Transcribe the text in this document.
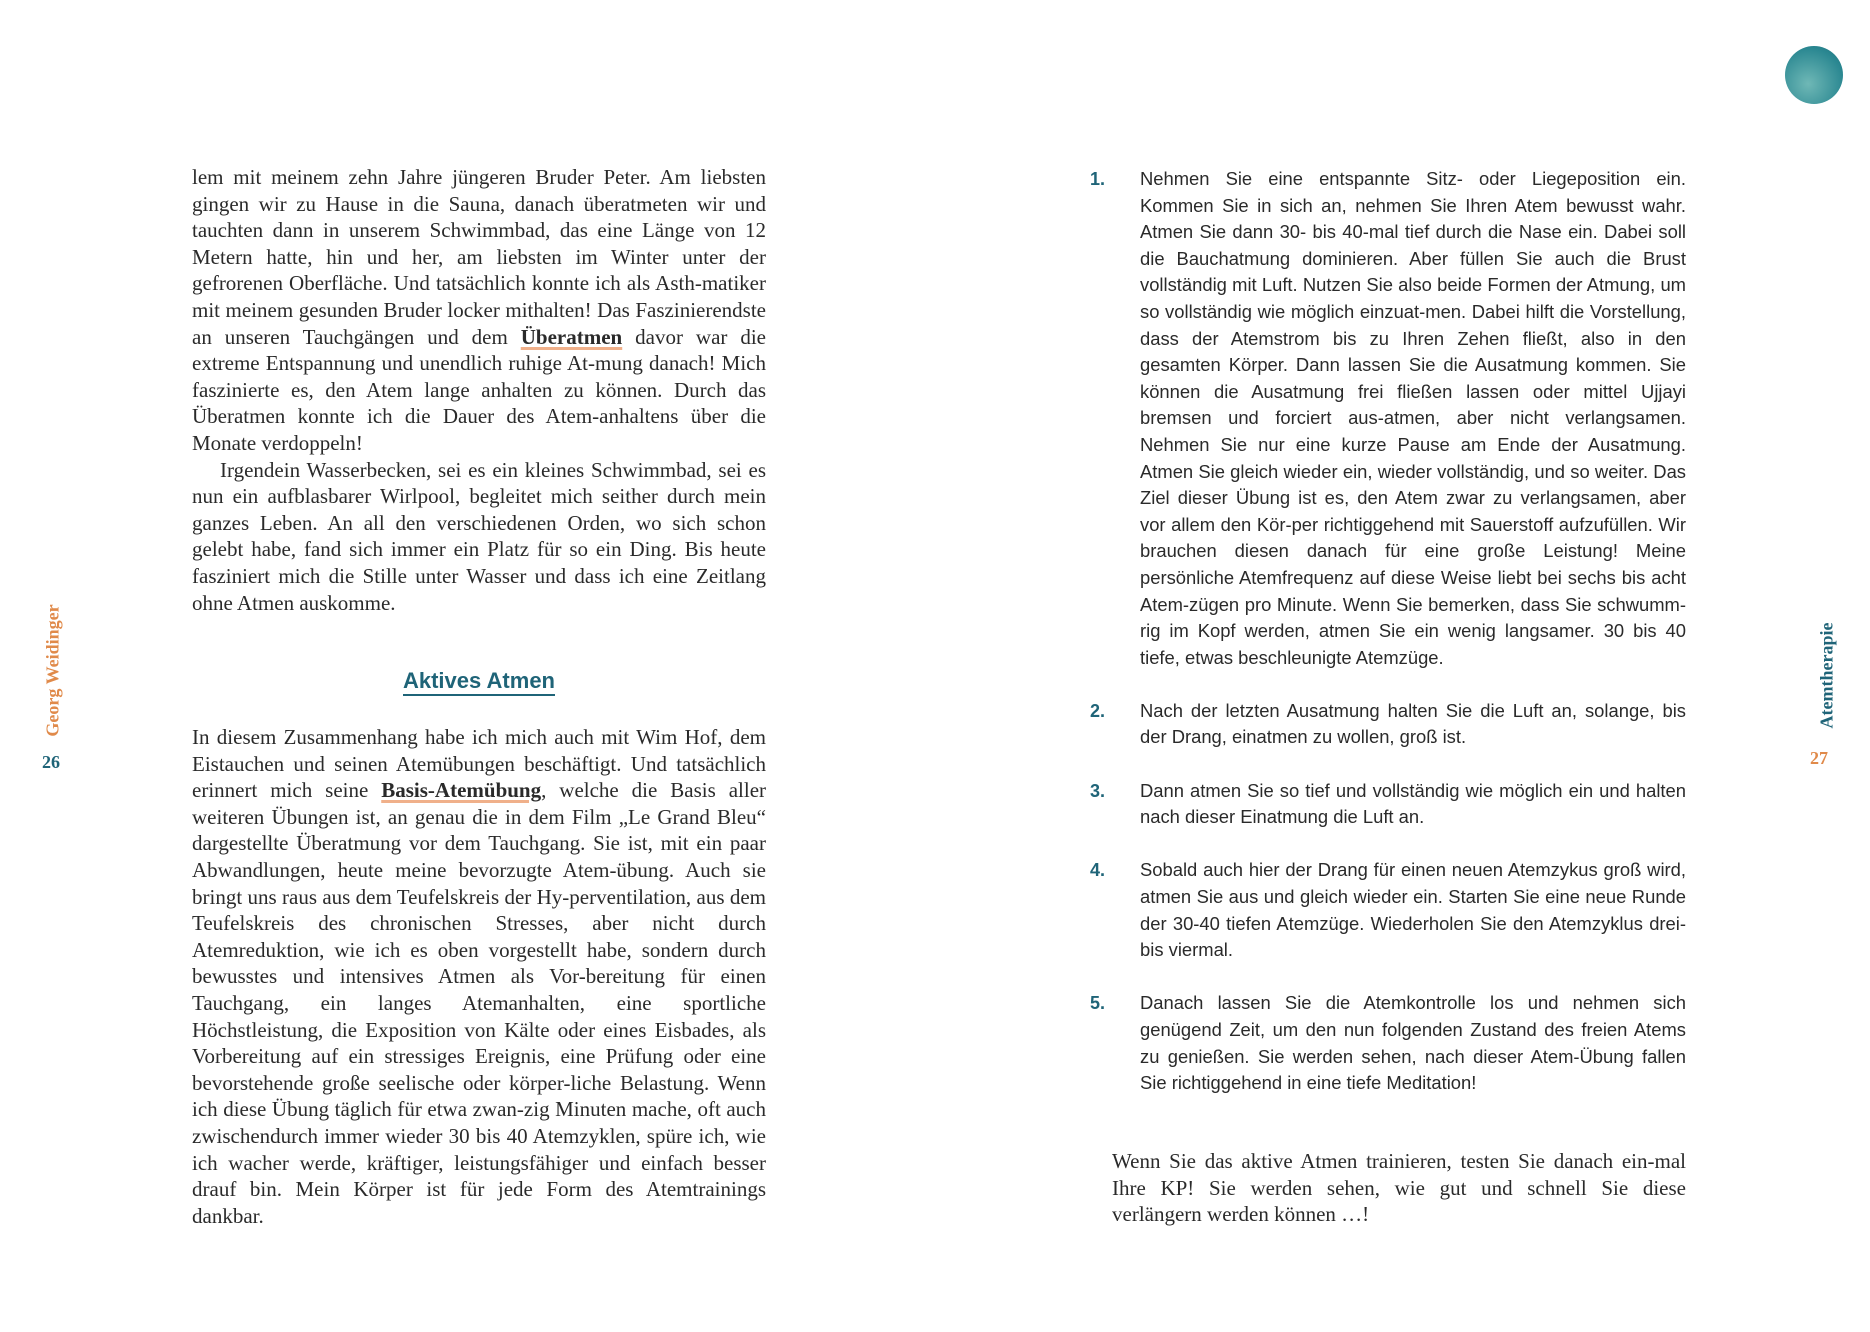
lem mit meinem zehn Jahre jüngeren Bruder Peter. Am liebsten gingen wir zu Hause in die Sauna, danach überatmeten wir und tauchten dann in unserem Schwimmbad, das eine Länge von 12 Metern hatte, hin und her, am liebsten im Winter unter der gefrorenen Oberfläche. Und tatsächlich konnte ich als Asth-matiker mit meinem gesunden Bruder locker mithalten! Das Faszinierendste an unseren Tauchgängen und dem Überatmen davor war die extreme Entspannung und unendlich ruhige At-mung danach! Mich faszinierte es, den Atem lange anhalten zu können. Durch das Überatmen konnte ich die Dauer des Atem-anhaltens über die Monate verdoppeln!

Irgendein Wasserbecken, sei es ein kleines Schwimmbad, sei es nun ein aufblasbarer Wirlpool, begleitet mich seither durch mein ganzes Leben. An all den verschiedenen Orden, wo sich schon gelebt habe, fand sich immer ein Platz für so ein Ding. Bis heute fasziniert mich die Stille unter Wasser und dass ich eine Zeitlang ohne Atmen auskomme.

Aktives Atmen

In diesem Zusammenhang habe ich mich auch mit Wim Hof, dem Eistauchen und seinen Atemübungen beschäftigt. Und tatsächlich erinnert mich seine Basis-Atemübung, welche die Basis aller weiteren Übungen ist, an genau die in dem Film „Le Grand Bleu“ dargestellte Überatmung vor dem Tauchgang. Sie ist, mit ein paar Abwandlungen, heute meine bevorzugte Atem-übung. Auch sie bringt uns raus aus dem Teufelskreis der Hy-perventilation, aus dem Teufelskreis des chronischen Stresses, aber nicht durch Atemreduktion, wie ich es oben vorgestellt habe, sondern durch bewusstes und intensives Atmen als Vor-bereitung für einen Tauchgang, ein langes Atemanhalten, eine sportliche Höchstleistung, die Exposition von Kälte oder eines Eisbades, als Vorbereitung auf ein stressiges Ereignis, eine Prüfung oder eine bevorstehende große seelische oder körper-liche Belastung. Wenn ich diese Übung täglich für etwa zwan-zig Minuten mache, oft auch zwischendurch immer wieder 30 bis 40 Atemzyklen, spüre ich, wie ich wacher werde, kräftiger, leistungsfähiger und einfach besser drauf bin. Mein Körper ist für jede Form des Atemtrainings dankbar.

Georg Weidinger
26
1.	Nehmen Sie eine entspannte Sitz- oder Liegeposition ein. Kommen Sie in sich an, nehmen Sie Ihren Atem bewusst wahr. Atmen Sie dann 30- bis 40-mal tief durch die Nase ein. Dabei soll die Bauchatmung dominieren. Aber füllen Sie auch die Brust vollständig mit Luft. Nutzen Sie also beide Formen der Atmung, um so vollständig wie möglich einzuat-men. Dabei hilft die Vorstellung, dass der Atemstrom bis zu Ihren Zehen fließt, also in den gesamten Körper. Dann lassen Sie die Ausatmung kommen. Sie können die Ausatmung frei fließen lassen oder mittel Ujjayi bremsen und forciert aus-atmen, aber nicht verlangsamen. Nehmen Sie nur eine kurze Pause am Ende der Ausatmung. Atmen Sie gleich wieder ein, wieder vollständig, und so weiter. Das Ziel dieser Übung ist es, den Atem zwar zu verlangsamen, aber vor allem den Kör-per richtiggehend mit Sauerstoff aufzufüllen. Wir brauchen diesen danach für eine große Leistung! Meine persönliche Atemfrequenz auf diese Weise liebt bei sechs bis acht Atem-zügen pro Minute. Wenn Sie bemerken, dass Sie schwumm-rig im Kopf werden, atmen Sie ein wenig langsamer. 30 bis 40 tiefe, etwas beschleunigte Atemzüge.
2.	Nach der letzten Ausatmung halten Sie die Luft an, solange, bis der Drang, einatmen zu wollen, groß ist.
3.	Dann atmen Sie so tief und vollständig wie möglich ein und halten nach dieser Einatmung die Luft an.
4.	Sobald auch hier der Drang für einen neuen Atemzykus groß wird, atmen Sie aus und gleich wieder ein. Starten Sie eine neue Runde der 30-40 tiefen Atemzüge. Wiederholen Sie den Atemzyklus drei- bis viermal.
5.	Danach lassen Sie die Atemkontrolle los und nehmen sich genügend Zeit, um den nun folgenden Zustand des freien Atems zu genießen. Sie werden sehen, nach dieser Atem-Übung fallen Sie richtiggehend in eine tiefe Meditation!

Wenn Sie das aktive Atmen trainieren, testen Sie danach ein-mal Ihre KP! Sie werden sehen, wie gut und schnell Sie diese verlängern werden können …!

Atemtherapie
27
